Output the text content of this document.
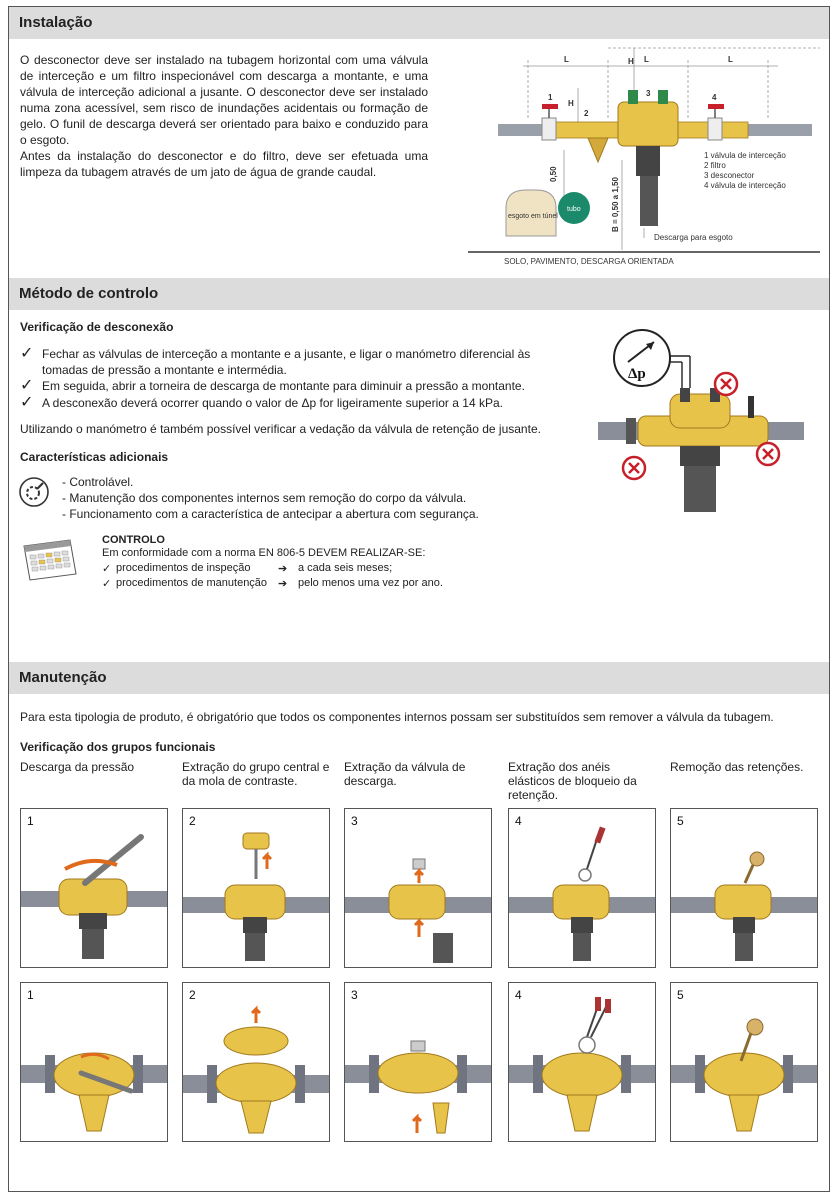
Instalação
O desconector deve ser instalado na tubagem horizontal com uma válvula de interceção e um filtro inspecionável com descarga a montante, e uma válvula de interceção adicional a jusante. O desconector deve ser instalado numa zona acessível, sem risco de inundações acidentais ou formação de gelo. O funil de descarga deverá ser orientado para baixo e conduzido para o esgoto.
Antes da instalação do desconector e do filtro, deve ser efetuada uma limpeza da tubagem através de um jato de água de grande caudal.
L	L	L
H
H
1
2
3	4
1 válvula de interceção
2 filtro
3 desconector
4 válvula de interceção
0,50
B = 0,50 a 1,50
esgoto em túnel
tubo
Descarga para esgoto
SOLO, PAVIMENTO, DESCARGA ORIENTADA
Método de controlo
Verificação de desconexão
✓ Fechar as válvulas de interceção a montante e a jusante, e ligar o manómetro diferencial às tomadas de pressão a montante e intermédia.
✓ Em seguida, abrir a torneira de descarga de montante para diminuir a pressão a montante.
✓ A desconexão deverá ocorrer quando o valor de Δp for ligeiramente superior a 14 kPa.
Utilizando o manómetro é também possível verificar a vedação da válvula de retenção de jusante.
Características adicionais
- Controlável.
- Manutenção dos componentes internos sem remoção do corpo da válvula.
- Funcionamento com a característica de antecipar a abertura com segurança.
CONTROLO
Em conformidade com a norma EN 806-5 DEVEM REALIZAR-SE:
✓ procedimentos de inspeção ➔ a cada seis meses;
✓ procedimentos de manutenção ➔ pelo menos uma vez por ano.
Δp
Manutenção
Para esta tipologia de produto, é obrigatório que todos os componentes internos possam ser substituídos sem remover a válvula da tubagem.
Verificação dos grupos funcionais
Descarga da pressão	Extração do grupo central e da mola de contraste.
Extração da válvula de descarga.
Extração dos anéis elásticos de bloqueio da retenção.
Remoção das retenções.
1	2	3	4	5
1	2	3	4	5
